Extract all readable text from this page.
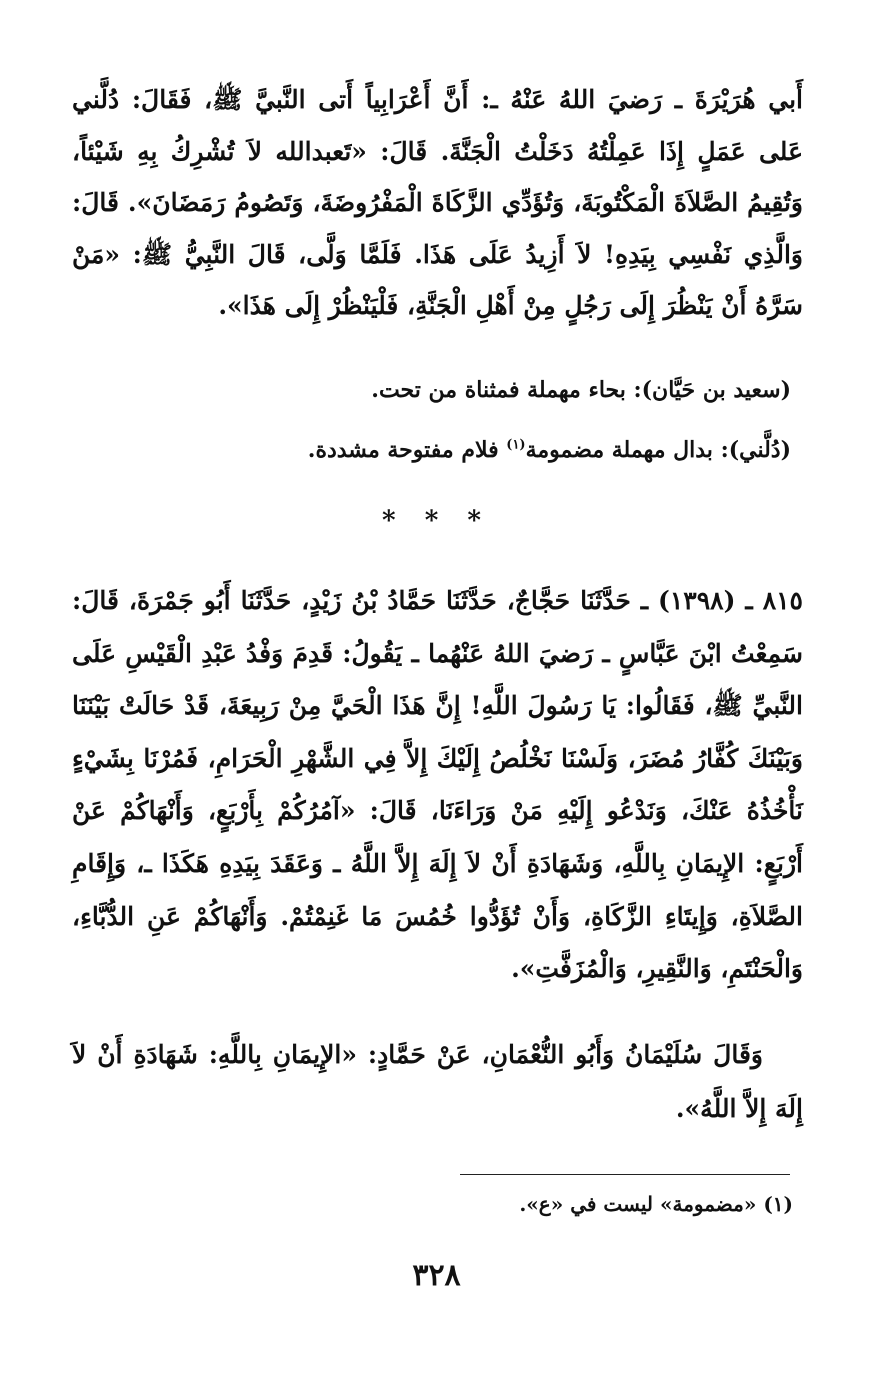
أَبي هُرَيْرَةَ ـ رَضيَ اللهُ عَنْهُ ـ: أَنَّ أَعْرَابِياً أَتى النَّبيَّ ﷺ، فَقَالَ: دُلَّني عَلى عَمَلٍ إِذَا عَمِلْتُهُ دَخَلْتُ الْجَنَّةَ. قَالَ: «تَعبدالله لاَ تُشْرِكُ بِهِ شَيْئاً، وَتُقِيمُ الصَّلاَةَ الْمَكْتُوبَةَ، وَتُؤَدِّي الزَّكَاةَ الْمَفْرُوضَةَ، وَتَصُومُ رَمَضَانَ». قَالَ: وَالَّذِي نَفْسِي بِيَدِهِ! لاَ أَزِيدُ عَلَى هَذَا. فَلَمَّا وَلَّى، قَالَ النَّبِيُّ ﷺ: «مَنْ سَرَّهُ أَنْ يَنْظُرَ إِلَى رَجُلٍ مِنْ أَهْلِ الْجَنَّةِ، فَلْيَنْظُرْ إِلَى هَذَا».
(سعيد بن حَيَّان): بحاء مهملة فمثناة من تحت.
(دُلَّني): بدال مهملة مضمومة$^{(١)}$ فلام مفتوحة مشددة.
* * *
٨١٥ ـ (١٣٩٨) ـ حَدَّثَنَا حَجَّاجٌ، حَدَّثَنَا حَمَّادُ بْنُ زَيْدٍ، حَدَّثَنَا أَبُو جَمْرَةَ، قَالَ: سَمِعْتُ ابْنَ عَبَّاسٍ ـ رَضيَ اللهُ عَنْهُما ـ يَقُولُ: قَدِمَ وَفْدُ عَبْدِ الْقَيْسِ عَلَى النَّبيِّ ﷺ، فَقَالُوا: يَا رَسُولَ اللَّهِ! إِنَّ هَذَا الْحَيَّ مِنْ رَبِيعَةَ، قَدْ حَالَتْ بَيْنَنَا وَبَيْنَكَ كُفَّارُ مُضَرَ، وَلَسْنَا نَخْلُصُ إِلَيْكَ إِلاَّ فِي الشَّهْرِ الْحَرَامِ، فَمُرْنَا بِشَيْءٍ نَأْخُذُهُ عَنْكَ، وَنَدْعُو إِلَيْهِ مَنْ وَرَاءَنَا، قَالَ: «آمُرُكُمْ بِأَرْبَعٍ، وَأَنْهَاكُمْ عَنْ أَرْبَعٍ: الإِيمَانِ بِاللَّهِ، وَشَهَادَةِ أَنْ لاَ إِلَهَ إِلاَّ اللَّهُ ـ وَعَقَدَ بِيَدِهِ هَكَذَا ـ، وَإِقَامِ الصَّلاَةِ، وَإِيتَاءِ الزَّكَاةِ، وَأَنْ تُؤَدُّوا خُمُسَ مَا غَنِمْتُمْ. وَأَنْهَاكُمْ عَنِ الدُّبَّاءِ، وَالْحَنْتَمِ، وَالنَّقِيرِ، وَالْمُزَفَّتِ».
وَقَالَ سُلَيْمَانُ وَأَبُو النُّعْمَانِ، عَنْ حَمَّادٍ: «الإِيمَانِ بِاللَّهِ: شَهَادَةِ أَنْ لاَ إِلَهَ إِلاَّ اللَّهُ».
(١) «مضمومة» ليست في «ع».
٣٢٨
